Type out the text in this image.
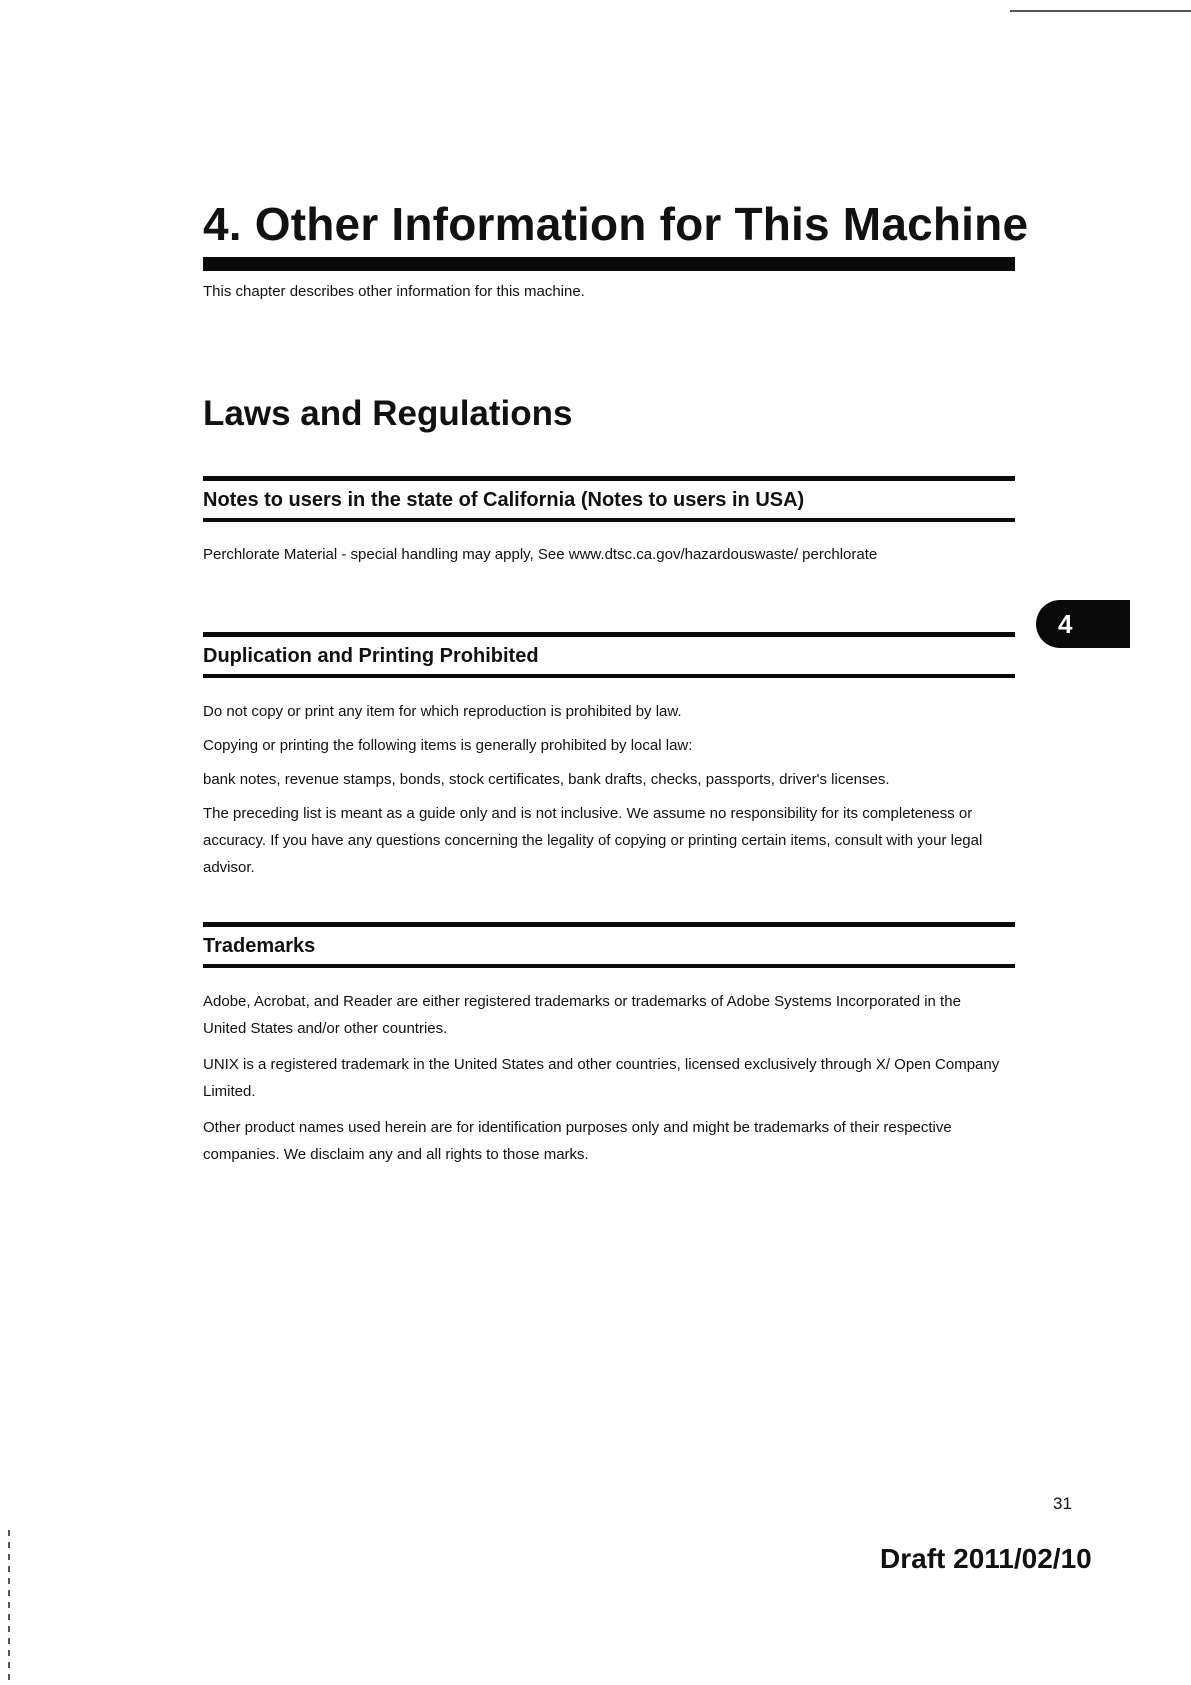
4. Other Information for This Machine

This chapter describes other information for this machine.

Laws and Regulations
Notes to users in the state of California (Notes to users in USA)

Perchlorate Material - special handling may apply, See www.dtsc.ca.gov/hazardouswaste/ perchlorate

Duplication and Printing Prohibited

Do not copy or print any item for which reproduction is prohibited by law.

Copying or printing the following items is generally prohibited by local law:

bank notes, revenue stamps, bonds, stock certificates, bank drafts, checks, passports, driver's licenses.

The preceding list is meant as a guide only and is not inclusive. We assume no responsibility for its completeness or accuracy. If you have any questions concerning the legality of copying or printing certain items, consult with your legal advisor.

Trademarks

Adobe, Acrobat, and Reader are either registered trademarks or trademarks of Adobe Systems Incorporated in the United States and/or other countries.

UNIX is a registered trademark in the United States and other countries, licensed exclusively through X/ Open Company Limited.

Other product names used herein are for identification purposes only and might be trademarks of their respective companies. We disclaim any and all rights to those marks.

4
31
Draft 2011/02/10
